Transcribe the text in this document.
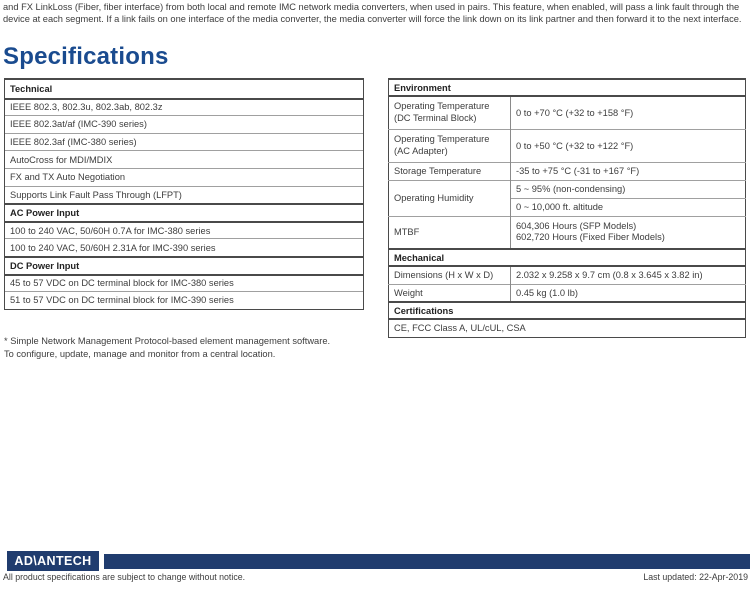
and FX LinkLoss (Fiber, fiber interface) from both local and remote IMC network media converters, when used in pairs. This feature, when enabled, will pass a link fault through the device at each segment. If a link fails on one interface of the media converter, the media converter will force the link down on its link partner and then forward it to the next interface.
Specifications
Technical
IEEE 802.3, 802.3u, 802.3ab, 802.3z
IEEE 802.3at/af (IMC-390 series)
IEEE 802.3af (IMC-380 series)
AutoCross for MDI/MDIX
FX and TX Auto Negotiation
Supports Link Fault Pass Through (LFPT)
AC Power Input
100 to 240 VAC, 50/60H 0.7A for IMC-380 series
100 to 240 VAC, 50/60H 2.31A for IMC-390 series
DC Power Input
45 to 57 VDC on DC terminal block for IMC-380 series
51 to 57 VDC on DC terminal block for IMC-390 series
Environment	

Operating Temperature
(DC Terminal Block)	0 to +70 °C (+32 to +158 °F)

Operating Temperature
(AC Adapter)	0 to +50 °C (+32 to +122 °F)
Storage Temperature	-35 to +75 °C (-31 to +167 °F)
Operating Humidity	5 ~ 95% (non-condensing)
	0 ~ 10,000 ft. altitude
MTBF	604,306 Hours (SFP Models)
602,720 Hours (Fixed Fiber Models)

Mechanical	
Dimensions (H x W x D)	2.032 x 9.258 x 9.7 cm (0.8 x 3.645 x 3.82 in)
Weight	0.45 kg (1.0 lb)
Certifications	
CE, FCC Class A, UL/cUL, CSA	
* Simple Network Management Protocol-based element management software.
To configure, update, manage and monitor from a central location.
AD\ANTECH
All product specifications are subject to change without notice.	Last updated: 22-Apr-2019
